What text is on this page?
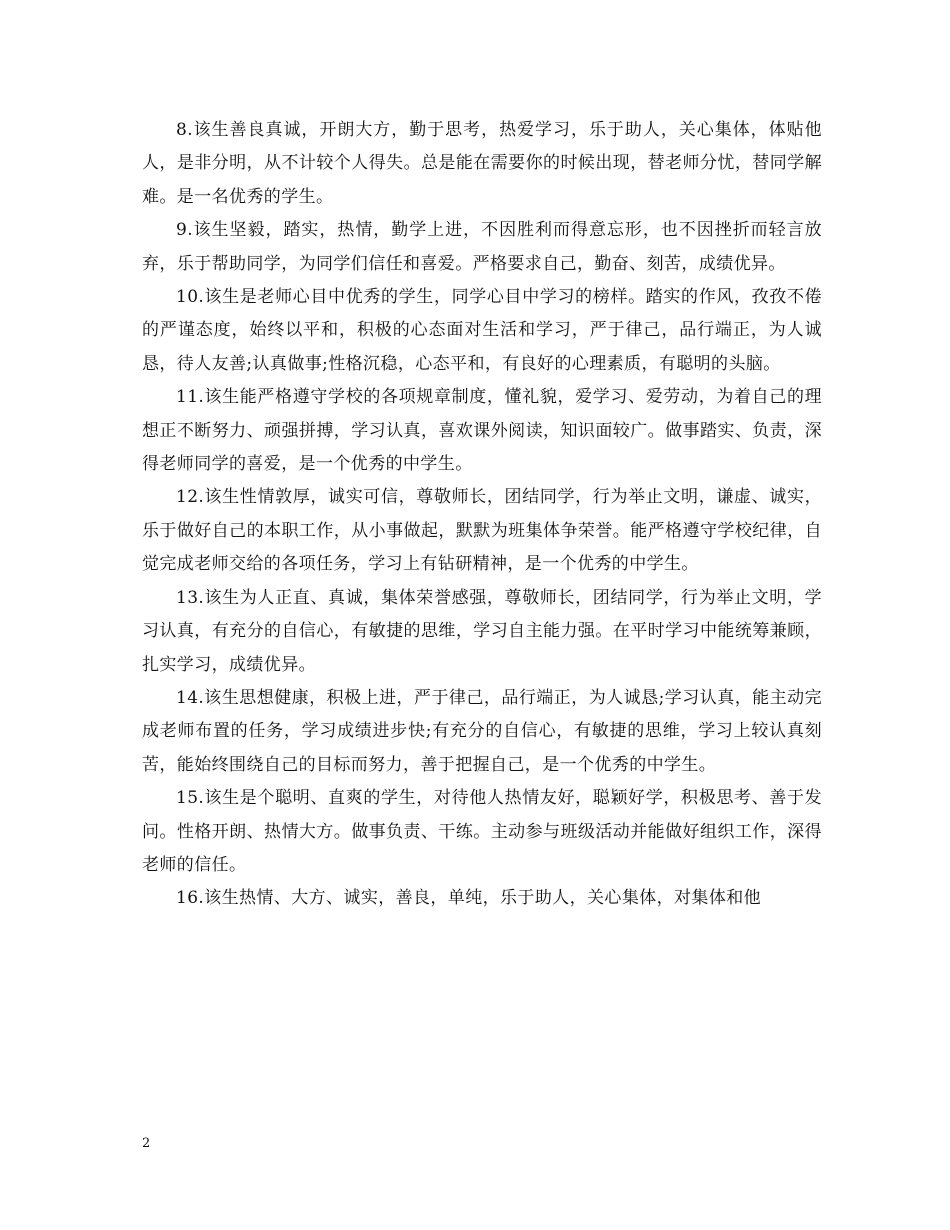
8.该生善良真诚，开朗大方，勤于思考，热爱学习，乐于助人，关心集体，体贴他人，是非分明，从不计较个人得失。总是能在需要你的时候出现，替老师分忧，替同学解难。是一名优秀的学生。

9.该生坚毅，踏实，热情，勤学上进，不因胜利而得意忘形，也不因挫折而轻言放弃，乐于帮助同学，为同学们信任和喜爱。严格要求自己，勤奋、刻苦，成绩优异。

10.该生是老师心目中优秀的学生，同学心目中学习的榜样。踏实的作风，孜孜不倦的严谨态度，始终以平和，积极的心态面对生活和学习，严于律己，品行端正，为人诚恳，待人友善;认真做事;性格沉稳，心态平和，有良好的心理素质，有聪明的头脑。

11.该生能严格遵守学校的各项规章制度，懂礼貌，爱学习、爱劳动，为着自己的理想正不断努力、顽强拼搏，学习认真，喜欢课外阅读，知识面较广。做事踏实、负责，深得老师同学的喜爱，是一个优秀的中学生。

12.该生性情敦厚，诚实可信，尊敬师长，团结同学，行为举止文明，谦虚、诚实，乐于做好自己的本职工作，从小事做起，默默为班集体争荣誉。能严格遵守学校纪律，自觉完成老师交给的各项任务，学习上有钻研精神，是一个优秀的中学生。

13.该生为人正直、真诚，集体荣誉感强，尊敬师长，团结同学，行为举止文明，学习认真，有充分的自信心，有敏捷的思维，学习自主能力强。在平时学习中能统筹兼顾，扎实学习，成绩优异。

14.该生思想健康，积极上进，严于律己，品行端正，为人诚恳;学习认真，能主动完成老师布置的任务，学习成绩进步快;有充分的自信心，有敏捷的思维，学习上较认真刻苦，能始终围绕自己的目标而努力，善于把握自己，是一个优秀的中学生。

15.该生是个聪明、直爽的学生，对待他人热情友好，聪颖好学，积极思考、善于发问。性格开朗、热情大方。做事负责、干练。主动参与班级活动并能做好组织工作，深得老师的信任。

16.该生热情、大方、诚实，善良，单纯，乐于助人，关心集体，对集体和他

2
